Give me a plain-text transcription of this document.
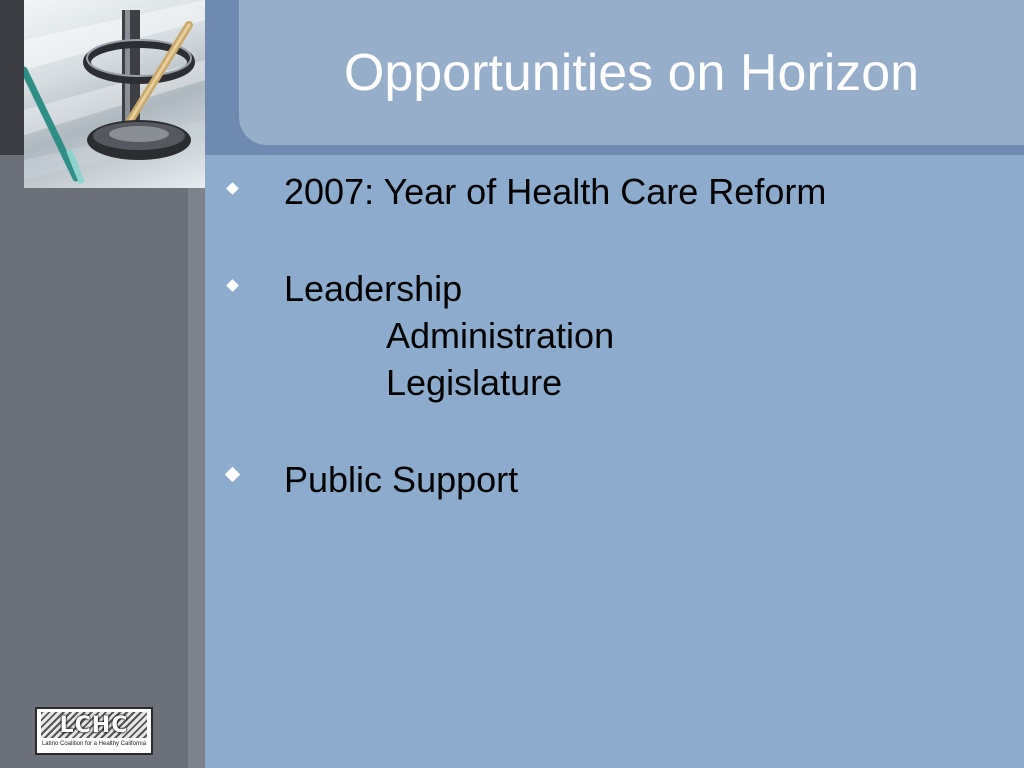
Opportunities on Horizon
2007: Year of Health Care Reform
Leadership
Administration
Legislature
Public Support
LCHC
Latino Coalition for a Healthy California
